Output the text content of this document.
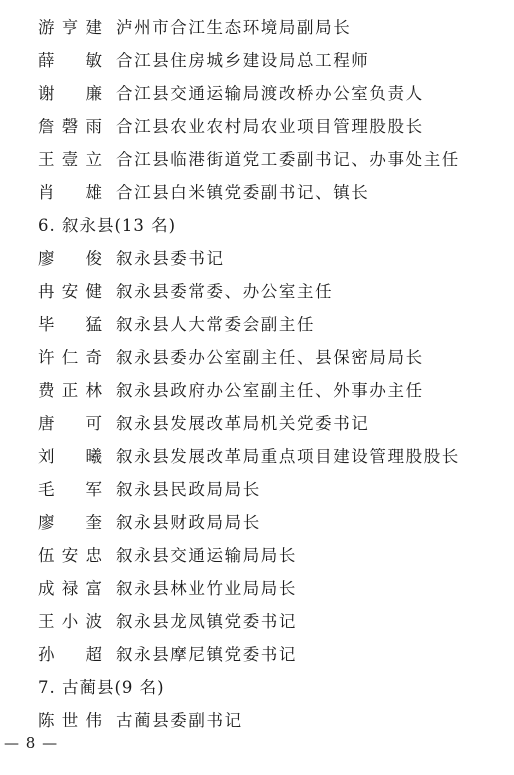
游亨建 泸州市合江生态环境局副局长
薛　敏 合江县住房城乡建设局总工程师
谢　廉 合江县交通运输局渡改桥办公室负责人
詹磬雨 合江县农业农村局农业项目管理股股长
王壹立 合江县临港街道党工委副书记、办事处主任
肖　雄 合江县白米镇党委副书记、镇长
6. 叙永县(13 名)
廖　俊 叙永县委书记
冉安健 叙永县委常委、办公室主任
毕　猛 叙永县人大常委会副主任
许仁奇 叙永县委办公室副主任、县保密局局长
费正林 叙永县政府办公室副主任、外事办主任
唐　可 叙永县发展改革局机关党委书记
刘　曦 叙永县发展改革局重点项目建设管理股股长
毛　军 叙永县民政局局长
廖　奎 叙永县财政局局长
伍安忠 叙永县交通运输局局长
成禄富 叙永县林业竹业局局长
王小波 叙永县龙凤镇党委书记
孙　超 叙永县摩尼镇党委书记
7. 古蔺县(9 名)
陈世伟 古蔺县委副书记
— 8 —
